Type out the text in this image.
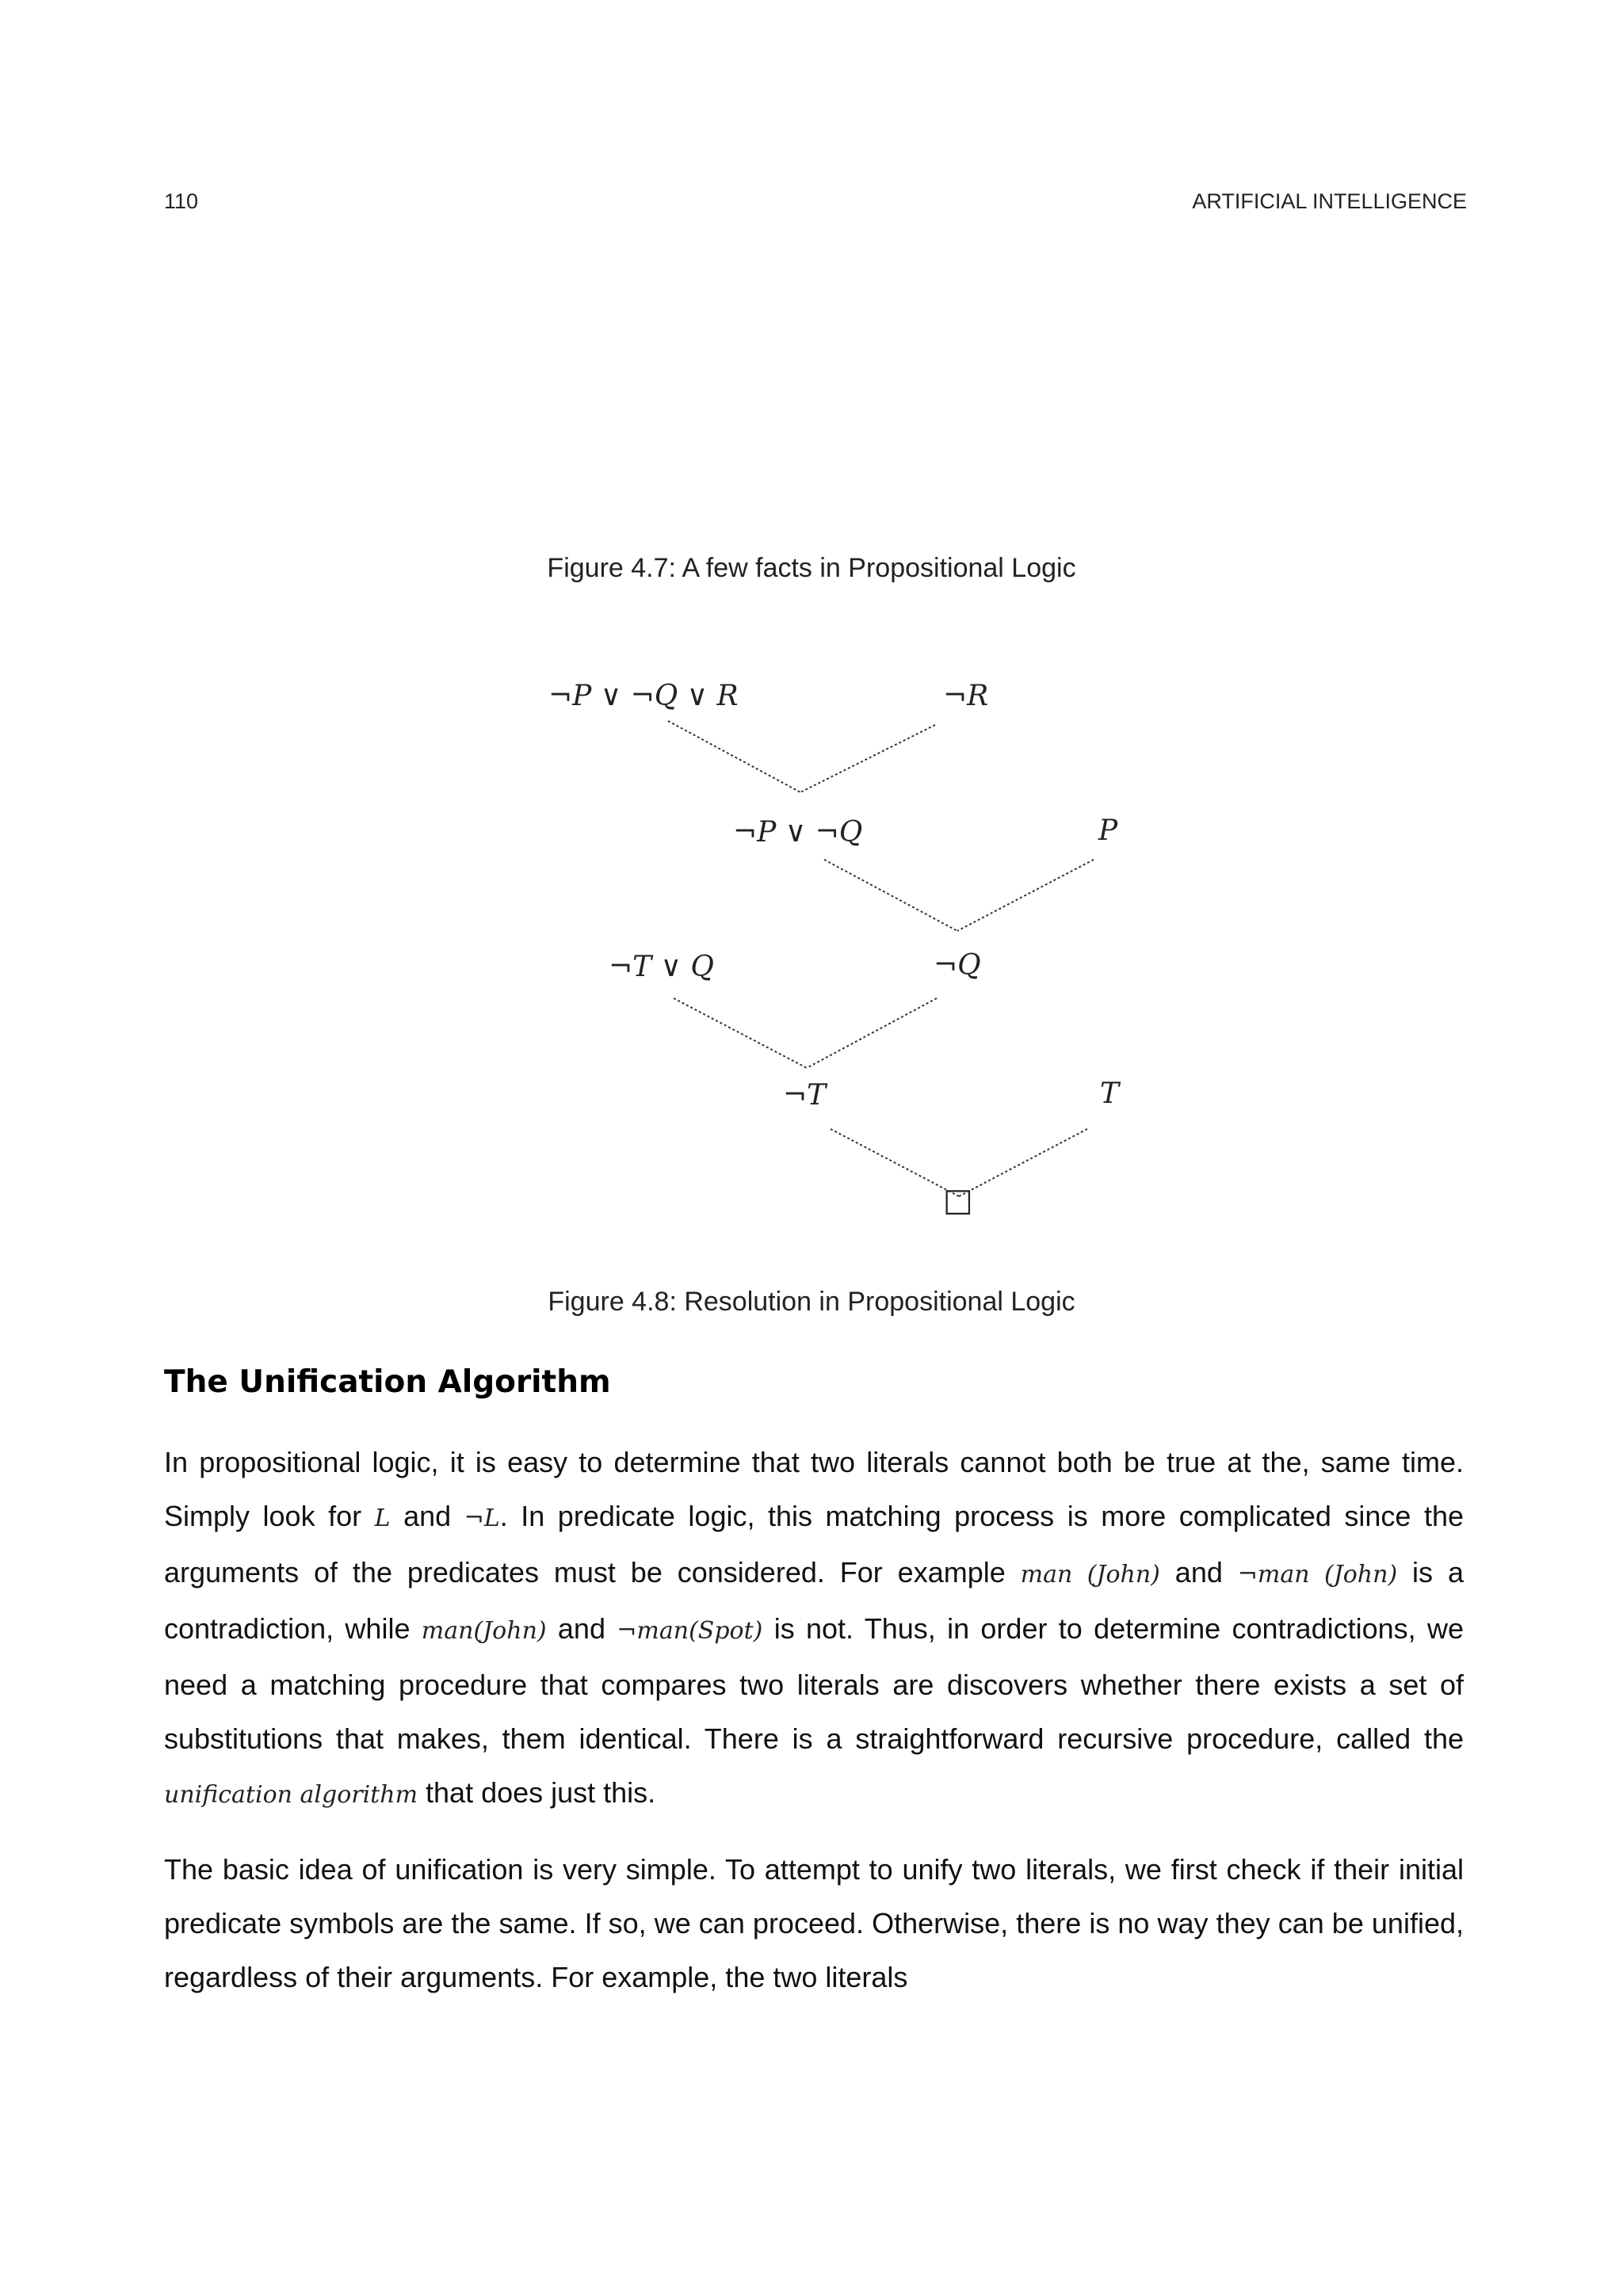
110	ARTIFICIAL INTELLIGENCE
Figure 4.7: A few facts in Propositional Logic
¬P ∨ ¬Q ∨ R	¬R
¬P ∨ ¬Q	P
¬T ∨ Q	¬Q
¬T	T
□
Figure 4.8: Resolution in Propositional Logic
The Unification Algorithm

In propositional logic, it is easy to determine that two literals cannot both be true at the, same time. Simply look for L and ¬L. In predicate logic, this matching process is more complicated since the arguments of the predicates must be considered. For example man (John) and ¬man (John) is a contradiction, while man(John) and ¬man(Spot) is not. Thus, in order to determine contradictions, we need a matching procedure that compares two literals are discovers whether there exists a set of substitutions that makes, them identical. There is a straightforward recursive procedure, called the unification algorithm that does just this.

The basic idea of unification is very simple. To attempt to unify two literals, we first check if their initial predicate symbols are the same. If so, we can proceed. Otherwise, there is no way they can be unified, regardless of their arguments. For example, the two literals
